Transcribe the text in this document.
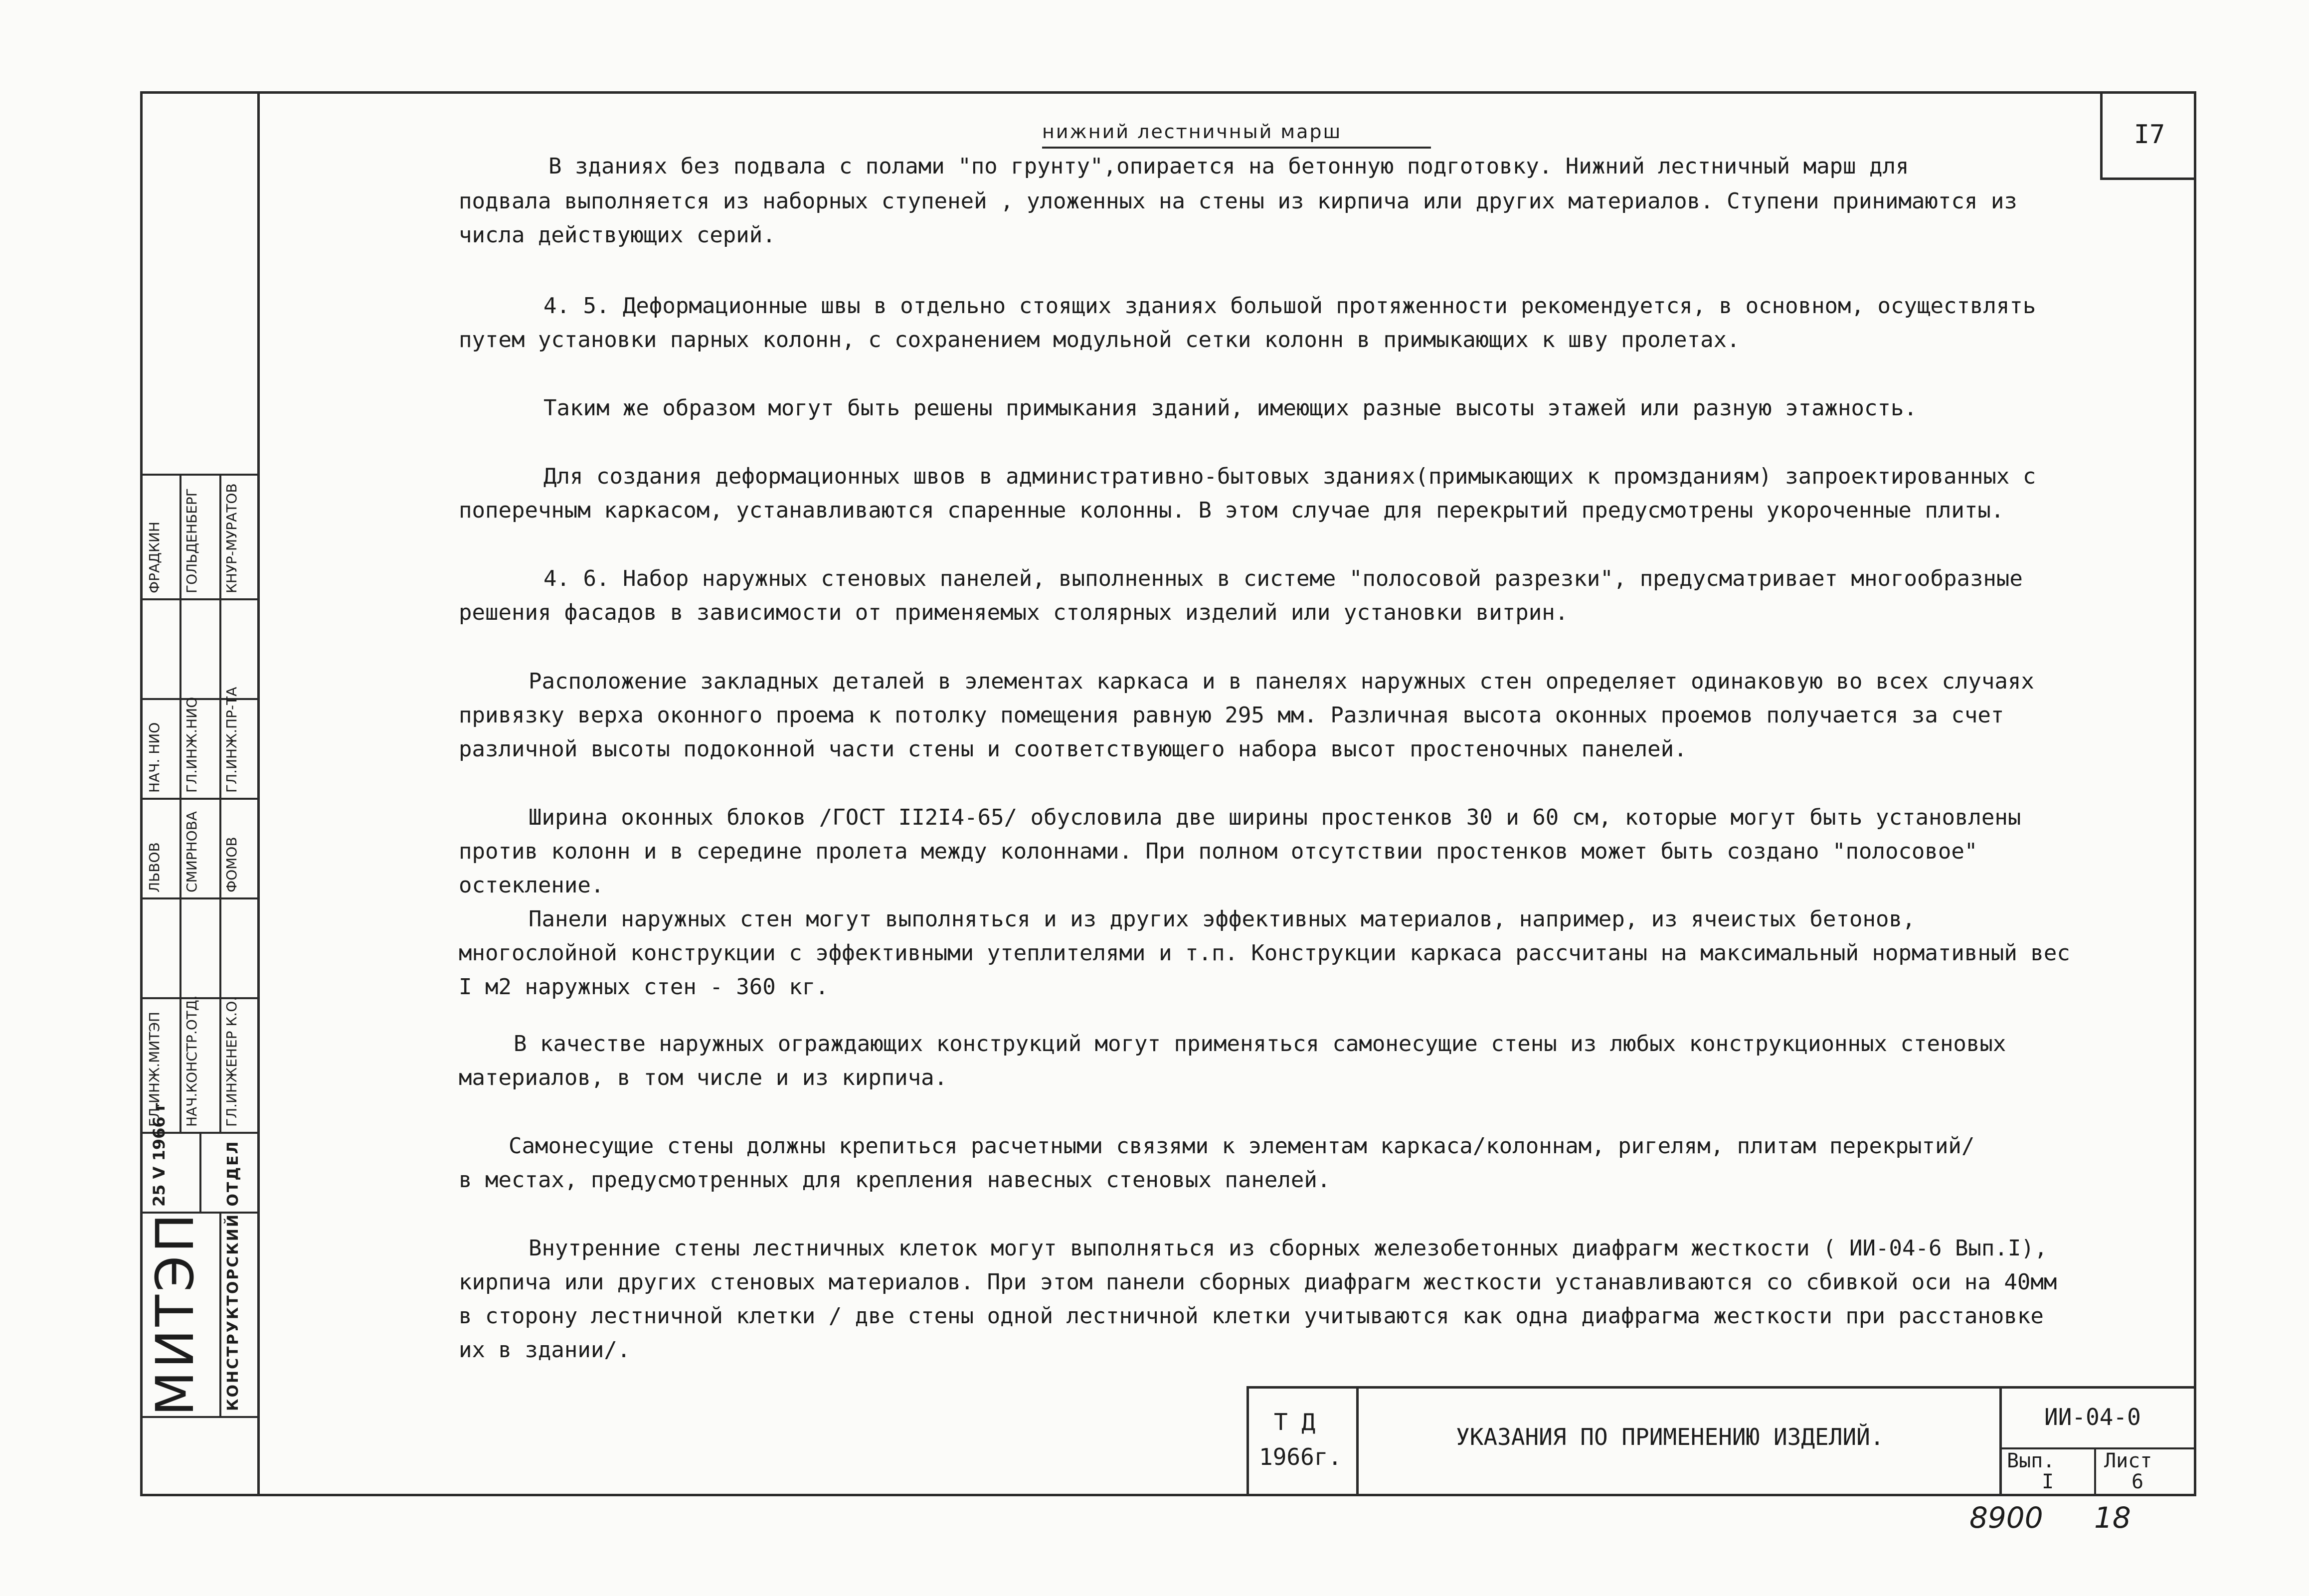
I7
нижний лестничный марш
В зданиях без подвала с полами "по грунту",опирается на бетонную подготовку. Нижний лестничный марш для
подвала выполняется из наборных ступеней , уложенных на стены из кирпича или других материалов. Ступени принимаются из
числа действующих серий.
4. 5. Деформационные швы в отдельно стоящих зданиях большой протяженности рекомендуется, в основном, осуществлять
путем установки парных колонн, с сохранением модульной сетки колонн в примыкающих к шву пролетах.
Таким же образом могут быть решены примыкания зданий, имеющих разные высоты этажей или разную этажность.
Для создания деформационных швов в административно-бытовых зданиях(примыкающих к промзданиям) запроектированных с
поперечным каркасом, устанавливаются спаренные колонны. В этом случае для перекрытий предусмотрены укороченные плиты.
4. 6. Набор наружных стеновых панелей, выполненных в системе "полосовой разрезки", предусматривает многообразные
решения фасадов в зависимости от применяемых столярных изделий или установки витрин.
Расположение закладных деталей в элементах каркаса и в панелях наружных стен определяет одинаковую во всех случаях
привязку верха оконного проема к потолку помещения равную 295 мм. Различная высота оконных проемов получается за счет
различной высоты подоконной части стены и соответствующего набора высот простеночных панелей.
Ширина оконных блоков /ГОСТ II2I4-65/ обусловила две ширины простенков 30 и 60 см, которые могут быть установлены
против колонн и в середине пролета между колоннами. При полном отсутствии простенков может быть создано "полосовое"
остекление.
Панели наружных стен могут выполняться и из других эффективных материалов, например, из ячеистых бетонов,
многослойной конструкции с эффективными утеплителями и т.п. Конструкции каркаса рассчитаны на максимальный нормативный вес
I м2 наружных стен - 360 кг.
В качестве наружных ограждающих конструкций могут применяться самонесущие стены из любых конструкционных стеновых
материалов, в том числе и из кирпича.
Самонесущие стены должны крепиться расчетными связями к элементам каркаса/колоннам, ригелям, плитам перекрытий/
в местах, предусмотренных для крепления навесных стеновых панелей.
Внутренние стены лестничных клеток могут выполняться из сборных железобетонных диафрагм жесткости ( ИИ-04-6 Вып.I),
кирпича или других стеновых материалов. При этом панели сборных диафрагм жесткости устанавливаются со сбивкой оси на 40мм
в сторону лестничной клетки / две стены одной лестничной клетки учитываются как одна диафрагма жесткости при расстановке
их в здании/.
МИТЭП КОНСТРУКТОРСКИЙ ОТДЕЛ
25 V 1966 г
ГЛ.ИНЖ.МИТЭП НАЧ.КОНСТР.ОТД. ГЛ.ИНЖЕНЕР К.О.
НАЧ. НИО ГЛ.ИНЖ.НИО ГЛ.ИНЖ.ПР-ТА
ЛЬВОВ СМИРНОВА ФОМОВ
ФРАДКИН ГОЛЬДЕНБЕРГ КНУР-МУРАТОВ
Т Д
1966г.
УКАЗАНИЯ ПО ПРИМЕНЕНИЮ ИЗДЕЛИЙ.
ИИ-04-0
Вып.
I
Лист
6
8900 18
